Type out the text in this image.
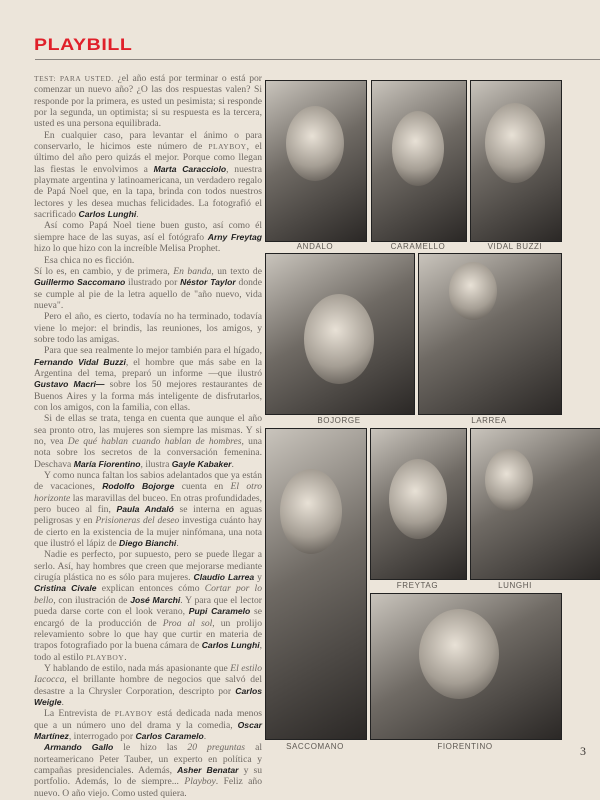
PLAYBILL

TEST: PARA USTED. ¿el año está por terminar o está por comenzar un nuevo año? ¿O las dos respuestas valen? Si responde por la primera, es usted un pesimista; si responde por la segunda, un optimista; si su respuesta es la tercera, usted es una persona equilibrada.

En cualquier caso, para levantar el ánimo o para conservarlo, le hicimos este número de PLAYBOY, el último del año pero quizás el mejor. Porque como llegan las fiestas le envolvimos a Marta Caracciolo, nuestra playmate argentina y latinoamericana, un verdadero regalo de Papá Noel que, en la tapa, brinda con todos nuestros lectores y les desea muchas felicidades. La fotografió el sacrificado Carlos Lunghi.

Así como Papá Noel tiene buen gusto, así como él siempre hace de las suyas, así el fotógrafo Arny Freytag hizo lo que hizo con la increíble Melisa Prophet.

Esa chica no es ficción.

Sí lo es, en cambio, y de primera, En banda, un texto de Guillermo Saccomano ilustrado por Néstor Taylor donde se cumple al pie de la letra aquello de "año nuevo, vida nueva".

Pero el año, es cierto, todavía no ha terminado, todavía viene lo mejor: el brindis, las reuniones, los amigos, y sobre todo las amigas.

Para que sea realmente lo mejor también para el hígado, Fernando Vidal Buzzi, el hombre que más sabe en la Argentina del tema, preparó un informe —que ilustró Gustavo Macri— sobre los 50 mejores restaurantes de Buenos Aires y la forma más inteligente de disfrutarlos, con los amigos, con la familia, con ellas.

Si de ellas se trata, tenga en cuenta que aunque el año sea pronto otro, las mujeres son siempre las mismas. Y si no, vea De qué hablan cuando hablan de hombres, una nota sobre los secretos de la conversación femenina. Deschava María Fiorentino, ilustra Gayle Kabaker.

Y como nunca faltan los sabios adelantados que ya están de vacaciones, Rodolfo Bojorge cuenta en El otro horizonte las maravillas del buceo. En otras profundidades, pero buceo al fin, Paula Andaló se interna en aguas peligrosas y en Prisioneras del deseo investiga cuánto hay de cierto en la existencia de la mujer ninfómana, una nota que ilustró el lápiz de Diego Bianchi.

Nadie es perfecto, por supuesto, pero se puede llegar a serlo. Así, hay hombres que creen que mejorarse mediante cirugía plástica no es sólo para mujeres. Claudio Larrea y Cristina Civale explican entonces cómo Cortar por lo bello, con ilustración de José Marchi. Y para que el lector pueda darse corte con el look verano, Pupi Caramelo se encargó de la producción de Proa al sol, un prolijo relevamiento sobre lo que hay que curtir en materia de trapos fotografiado por la buena cámara de Carlos Lunghi, todo al estilo PLAYBOY.

Y hablando de estilo, nada más apasionante que El estilo Iacocca, el brillante hombre de negocios que salvó del desastre a la Chrysler Corporation, descripto por Carlos Weigle.

La Entrevista de PLAYBOY está dedicada nada menos que a un número uno del drama y la comedia, Oscar Martínez, interrogado por Carlos Caramelo.

Armando Gallo le hizo las 20 preguntas al norteamericano Peter Tauber, un experto en política y campañas presidenciales. Además, Asher Benatar y su portfolio. Además, lo de siempre... Playboy. Feliz año nuevo. O año viejo. Como usted quiera.

ANDALO	CARAMELLO	VIDAL BUZZI
BOJORGE	LARREA
SACCOMANO
FREYTAG	LUNGHI
FIORENTINO	3
